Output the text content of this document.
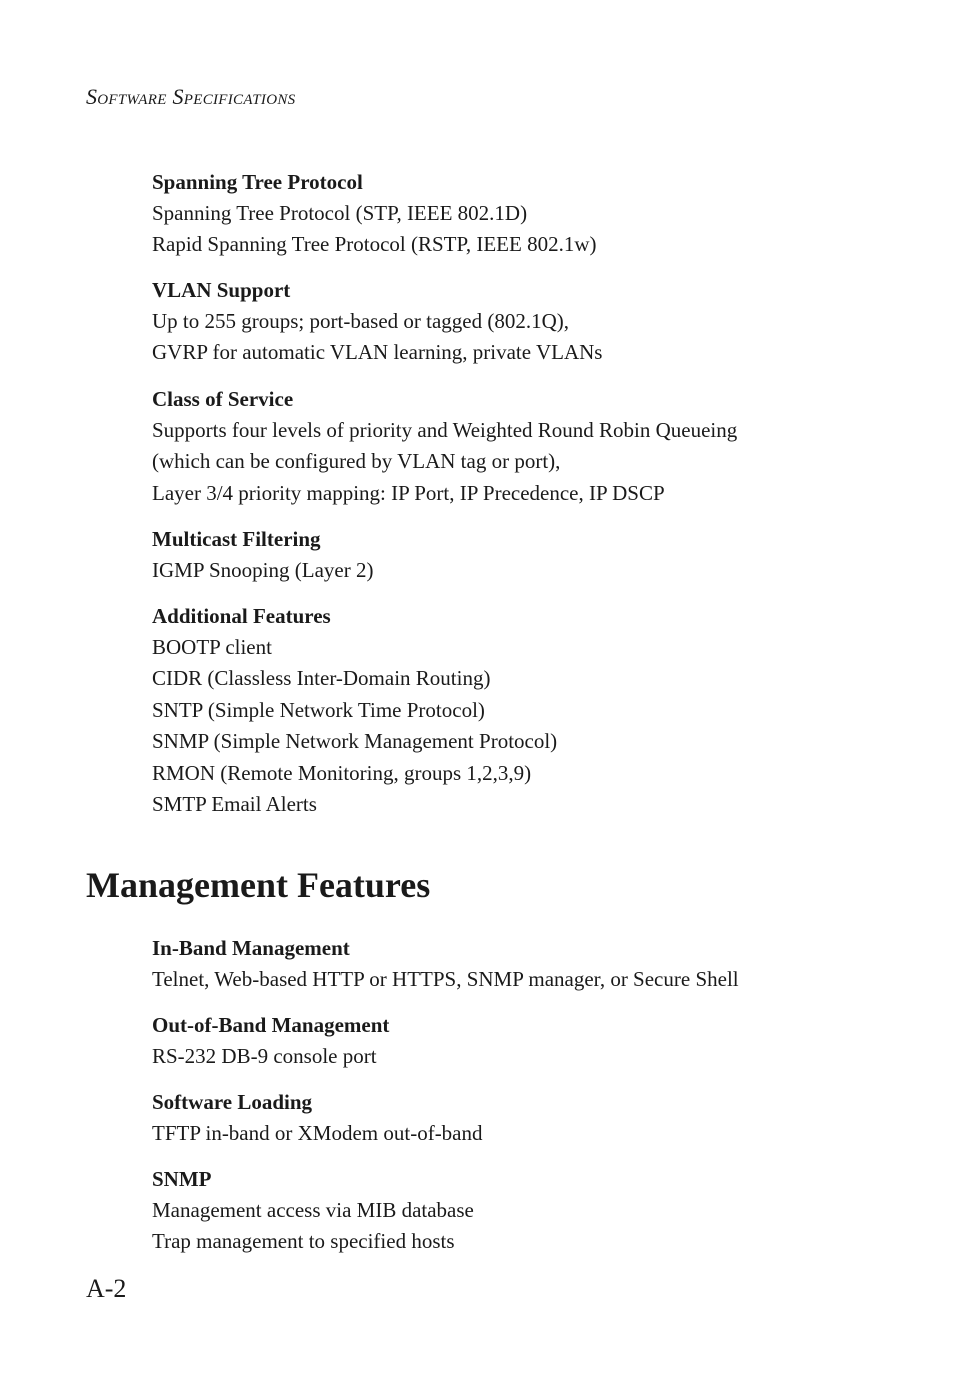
Software Specifications

Spanning Tree Protocol

Spanning Tree Protocol (STP, IEEE 802.1D)

Rapid Spanning Tree Protocol (RSTP, IEEE 802.1w)

VLAN Support

Up to 255 groups; port-based or tagged (802.1Q),

GVRP for automatic VLAN learning, private VLANs

Class of Service

Supports four levels of priority and Weighted Round Robin Queueing

(which can be configured by VLAN tag or port),

Layer 3/4 priority mapping: IP Port, IP Precedence, IP DSCP

Multicast Filtering

IGMP Snooping (Layer 2)

Additional Features

BOOTP client

CIDR (Classless Inter-Domain Routing)

SNTP (Simple Network Time Protocol)

SNMP (Simple Network Management Protocol)

RMON (Remote Monitoring, groups 1,2,3,9)

SMTP Email Alerts

Management Features

In-Band Management

Telnet, Web-based HTTP or HTTPS, SNMP manager, or Secure Shell

Out-of-Band Management

RS-232 DB-9 console port

Software Loading

TFTP in-band or XModem out-of-band

SNMP

Management access via MIB database

Trap management to specified hosts

A-2
